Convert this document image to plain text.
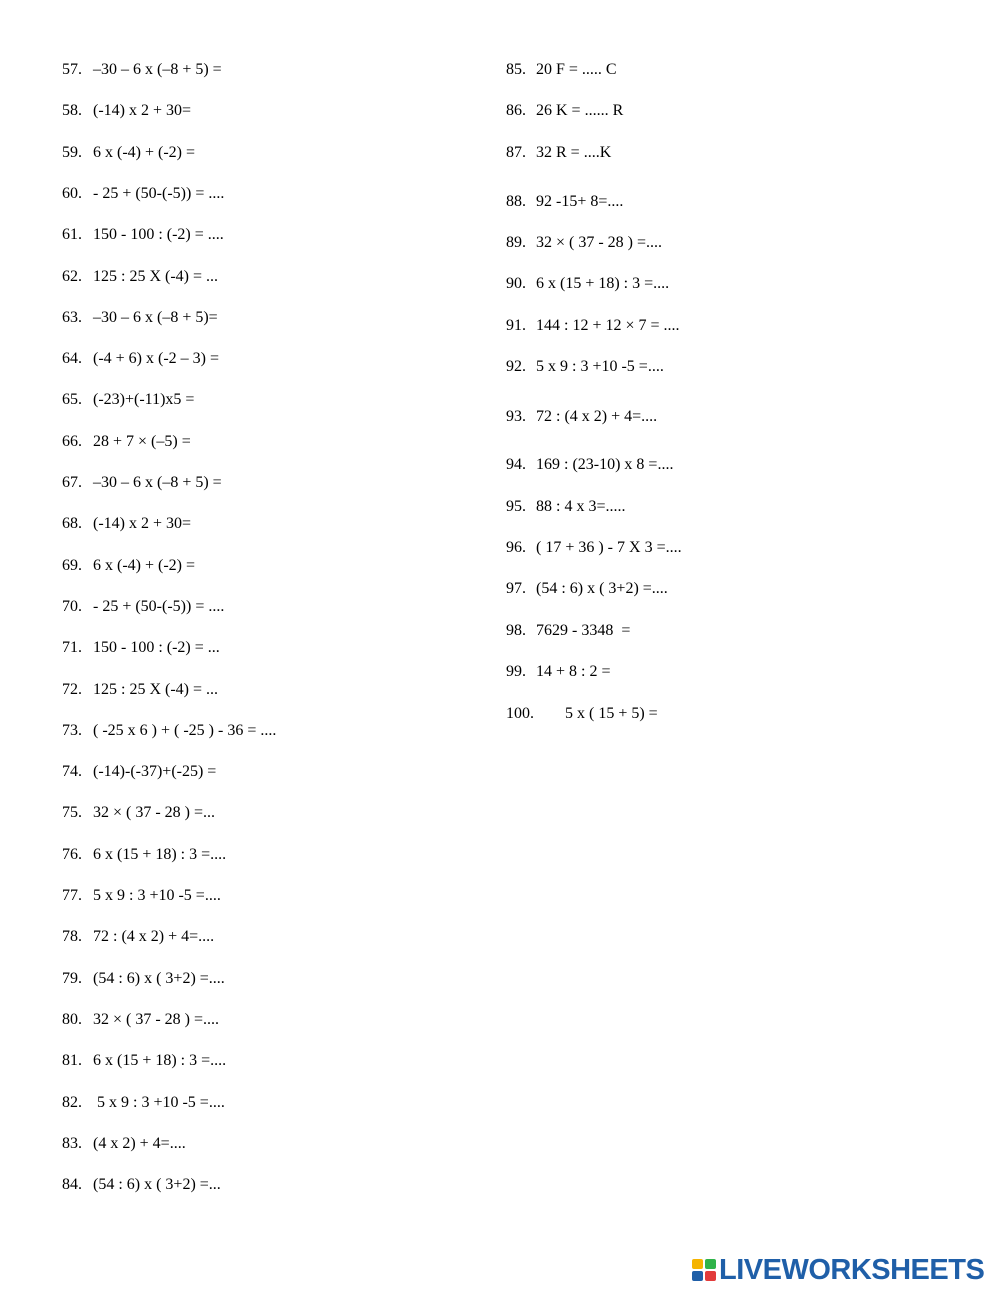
57. –30 – 6 x (–8 + 5) =
58. (-14) x 2 + 30=
59. 6 x (-4) + (-2) =
60. - 25 + (50-(-5)) = ....
61. 150 - 100 : (-2) = ....
62. 125 : 25 X (-4) = ...
63. –30 – 6 x (–8 + 5)=
64. (-4 + 6) x (-2 – 3) =
65. (-23)+(-11)x5 =
66. 28 + 7 × (–5) =
67. –30 – 6 x (–8 + 5) =
68. (-14) x 2 + 30=
69. 6 x (-4) + (-2) =
70. - 25 + (50-(-5)) = ....
71. 150 - 100 : (-2) = ...
72. 125 : 25 X (-4) = ...
73. ( -25 x 6 ) + ( -25 ) - 36 = ....
74. (-14)-(-37)+(-25) =
75. 32 × ( 37 - 28 ) =...
76. 6 x (15 + 18) : 3 =....
77. 5 x 9 : 3 +10 -5 =....
78. 72 : (4 x 2) + 4=....
79. (54 : 6) x ( 3+2) =....
80. 32 × ( 37 - 28 ) =....
81. 6 x (15 + 18) : 3 =....
82. 5 x 9 : 3 +10 -5 =....
83. (4 x 2) + 4=....
84. (54 : 6) x ( 3+2) =...
85. 20 F = ..... C
86. 26 K = ...... R
87. 32 R = ....K
88. 92 -15+ 8=....
89. 32 × ( 37 - 28 ) =....
90. 6 x (15 + 18) : 3 =....
91. 144 : 12 + 12 × 7 = ....
92. 5 x 9 : 3 +10 -5 =....
93. 72 : (4 x 2) + 4=....
94. 169 : (23-10) x 8 =....
95. 88 : 4 x 3=.....
96. ( 17 + 36 ) - 7 X 3 =....
97. (54 : 6) x ( 3+2) =....
98. 7629 - 3348  =
99. 14 + 8 : 2 =
100. 5 x ( 15 + 5) =
LIVEWORKSHEETS
